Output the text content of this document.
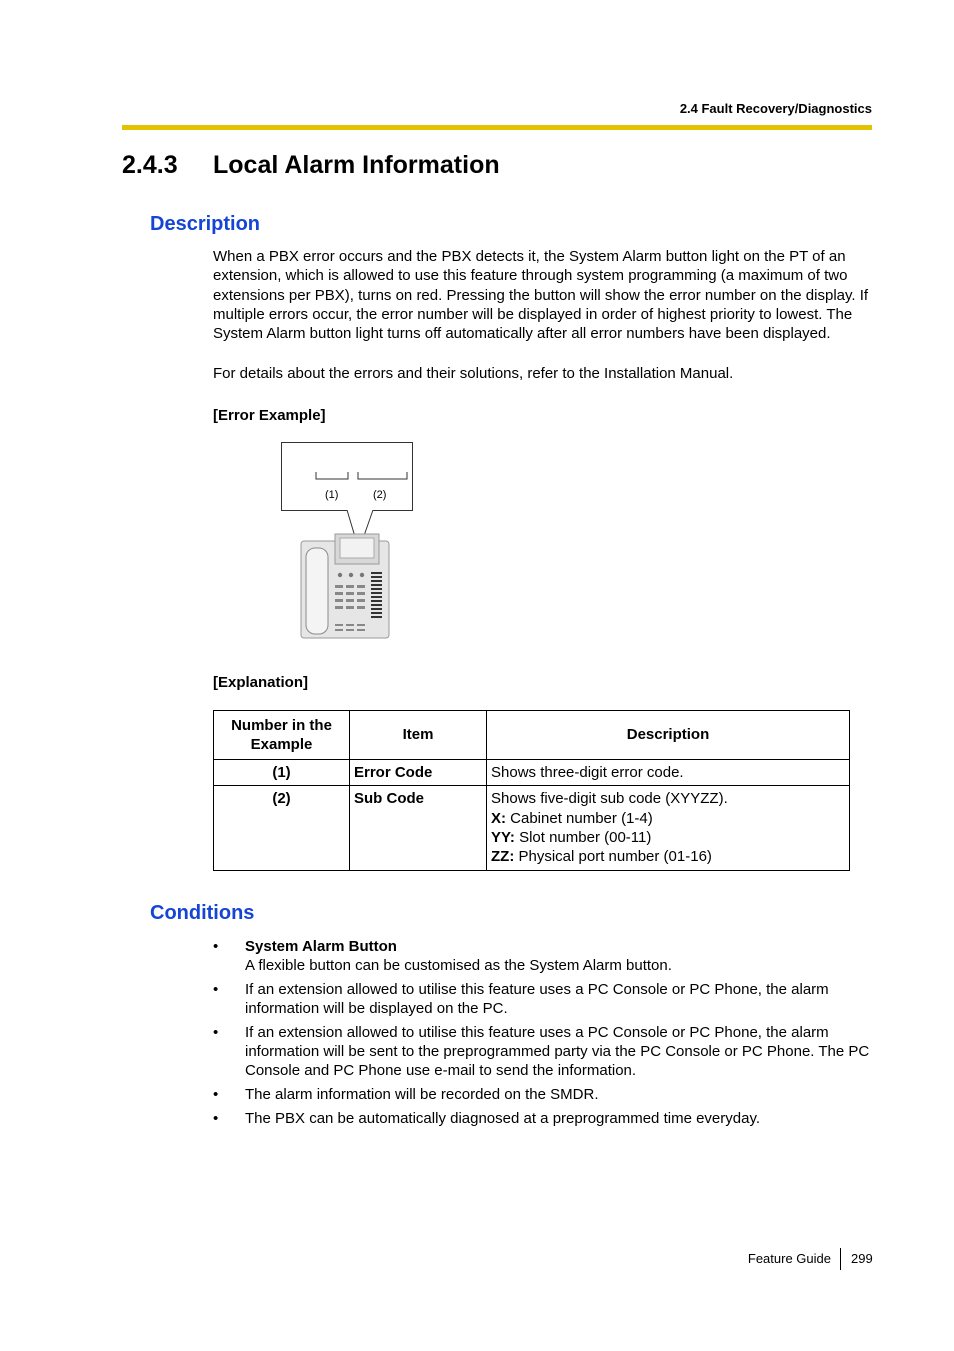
2.4 Fault Recovery/Diagnostics
2.4.3 Local Alarm Information
Description
When a PBX error occurs and the PBX detects it, the System Alarm button light on the PT of an extension, which is allowed to use this feature through system programming (a maximum of two extensions per PBX), turns on red. Pressing the button will show the error number on the display. If multiple errors occur, the error number will be displayed in order of highest priority to lowest. The System Alarm button light turns off automatically after all error numbers have been displayed.
For details about the errors and their solutions, refer to the Installation Manual.
[Error Example]
(1)	(2)
[Explanation]
Number in the Example	Item	Description
(1)	Error Code	Shows three-digit error code.
(2)	Sub Code	Shows five-digit sub code (XYYZZ).
X: Cabinet number (1-4)
YY: Slot number (00-11)
ZZ: Physical port number (01-16)
Conditions
• System Alarm Button
A flexible button can be customised as the System Alarm button.
• If an extension allowed to utilise this feature uses a PC Console or PC Phone, the alarm information will be displayed on the PC.
• If an extension allowed to utilise this feature uses a PC Console or PC Phone, the alarm information will be sent to the preprogrammed party via the PC Console or PC Phone. The PC Console and PC Phone use e-mail to send the information.
• The alarm information will be recorded on the SMDR.
• The PBX can be automatically diagnosed at a preprogrammed time everyday.
Feature Guide 299
